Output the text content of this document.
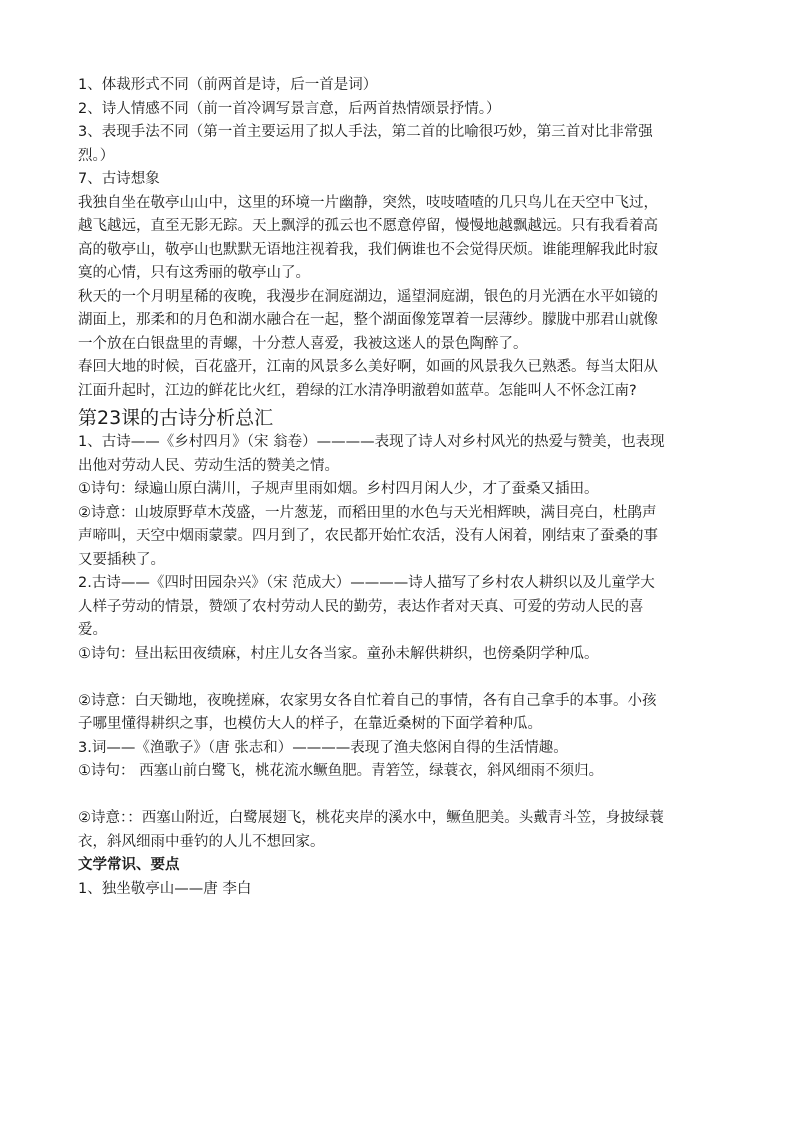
1、体裁形式不同（前两首是诗，后一首是词）

2、诗人情感不同（前一首冷调写景言意，后两首热情颂景抒情。）

3、表现手法不同（第一首主要运用了拟人手法，第二首的比喻很巧妙，第三首对比非常强烈。）

7、古诗想象

我独自坐在敬亭山山中，这里的环境一片幽静，突然，吱吱喳喳的几只鸟儿在天空中飞过，越飞越远，直至无影无踪。天上飘浮的孤云也不愿意停留，慢慢地越飘越远。只有我看着高高的敬亭山，敬亭山也默默无语地注视着我，我们俩谁也不会觉得厌烦。谁能理解我此时寂寞的心情，只有这秀丽的敬亭山了。

秋天的一个月明星稀的夜晚，我漫步在洞庭湖边，遥望洞庭湖，银色的月光洒在水平如镜的湖面上，那柔和的月色和湖水融合在一起，整个湖面像笼罩着一层薄纱。朦胧中那君山就像一个放在白银盘里的青螺，十分惹人喜爱，我被这迷人的景色陶醉了。

春回大地的时候，百花盛开，江南的风景多么美好啊，如画的风景我久已熟悉。每当太阳从江面升起时，江边的鲜花比火红，碧绿的江水清净明澈碧如蓝草。怎能叫人不怀念江南?

第23课的古诗分析总汇

1、古诗——《乡村四月》（宋 翁卷）————表现了诗人对乡村风光的热爱与赞美，也表现出他对劳动人民、劳动生活的赞美之情。

①诗句：绿遍山原白满川，子规声里雨如烟。乡村四月闲人少，才了蚕桑又插田。

②诗意：山坡原野草木茂盛，一片葱茏，而稻田里的水色与天光相辉映，满目亮白，杜鹃声声啼叫，天空中烟雨蒙蒙。四月到了，农民都开始忙农活，没有人闲着，刚结束了蚕桑的事又要插秧了。

2.古诗——《四时田园杂兴》（宋 范成大）————诗人描写了乡村农人耕织以及儿童学大人样子劳动的情景，赞颂了农村劳动人民的勤劳，表达作者对天真、可爱的劳动人民的喜爱。

①诗句：昼出耘田夜绩麻，村庄儿女各当家。童孙未解供耕织，也傍桑阴学种瓜。

②诗意：白天锄地，夜晚搓麻，农家男女各自忙着自己的事情，各有自己拿手的本事。小孩子哪里懂得耕织之事，也模仿大人的样子，在靠近桑树的下面学着种瓜。

3.词——《渔歌子》（唐 张志和）————表现了渔夫悠闲自得的生活情趣。

①诗句： 西塞山前白鹭飞，桃花流水鳜鱼肥。青箬笠，绿蓑衣，斜风细雨不须归。

②诗意：：西塞山附近，白鹭展翅飞，桃花夹岸的溪水中，鳜鱼肥美。头戴青斗笠，身披绿蓑衣，斜风细雨中垂钓的人儿不想回家。

文学常识、要点

1、独坐敬亭山——唐 李白
